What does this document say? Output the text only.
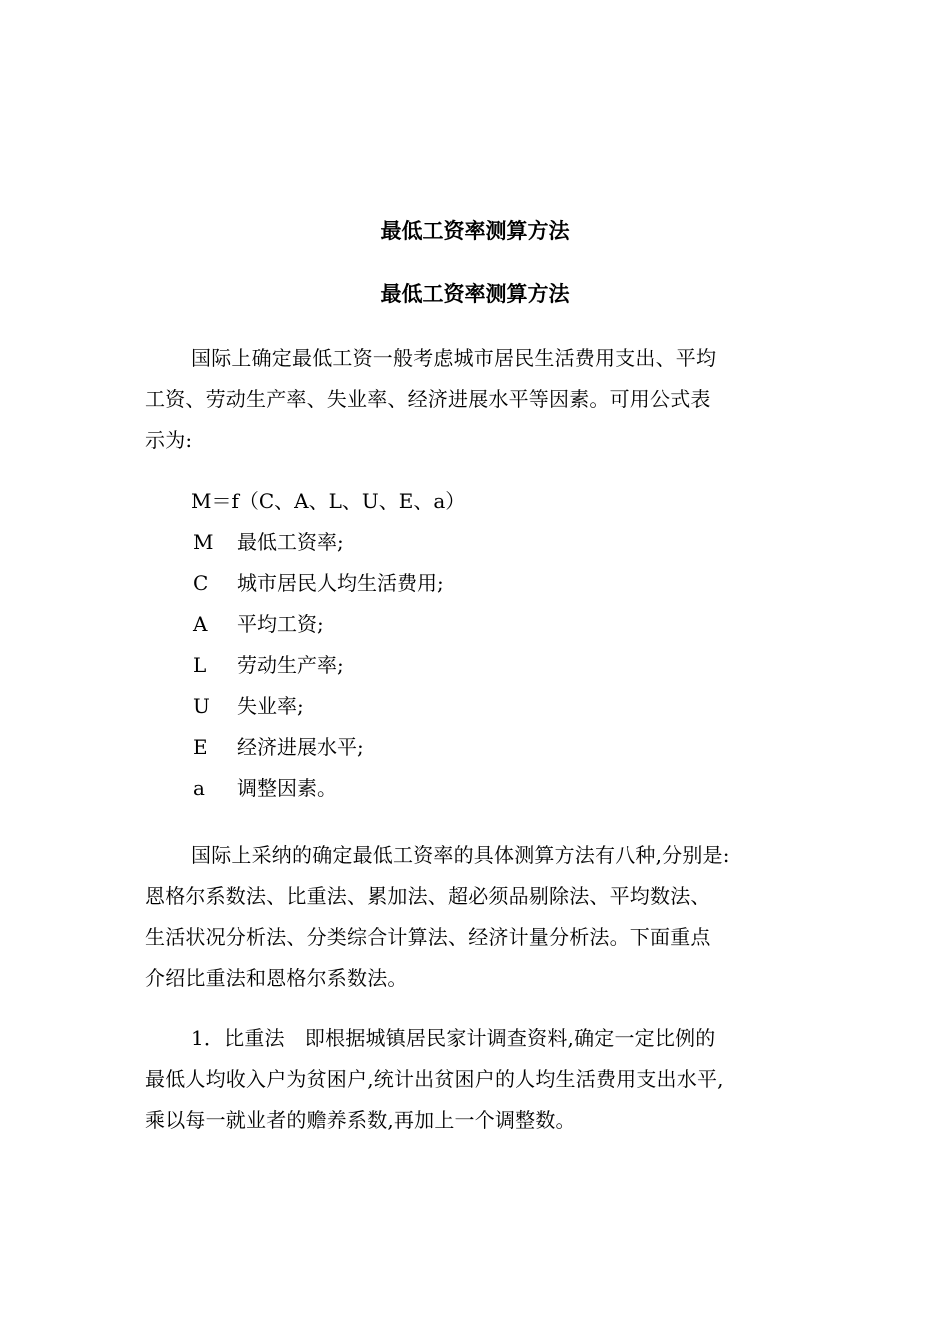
最低工资率测算方法
最低工资率测算方法
国际上确定最低工资一般考虑城市居民生活费用支出、平均
工资、劳动生产率、失业率、经济进展水平等因素。可用公式表
示为:
M＝f（C、A、L、U、E、a）
M	最低工资率;
C	城市居民人均生活费用;
A	平均工资;
L	劳动生产率;
U	失业率;
E	经济进展水平;
a	调整因素。
国际上采纳的确定最低工资率的具体测算方法有八种,分别是:
恩格尔系数法、比重法、累加法、超必须品剔除法、平均数法、
生活状况分析法、分类综合计算法、经济计量分析法。下面重点
介绍比重法和恩格尔系数法。
1．比重法　即根据城镇居民家计调查资料,确定一定比例的
最低人均收入户为贫困户,统计出贫困户的人均生活费用支出水平,
乘以每一就业者的赡养系数,再加上一个调整数。
